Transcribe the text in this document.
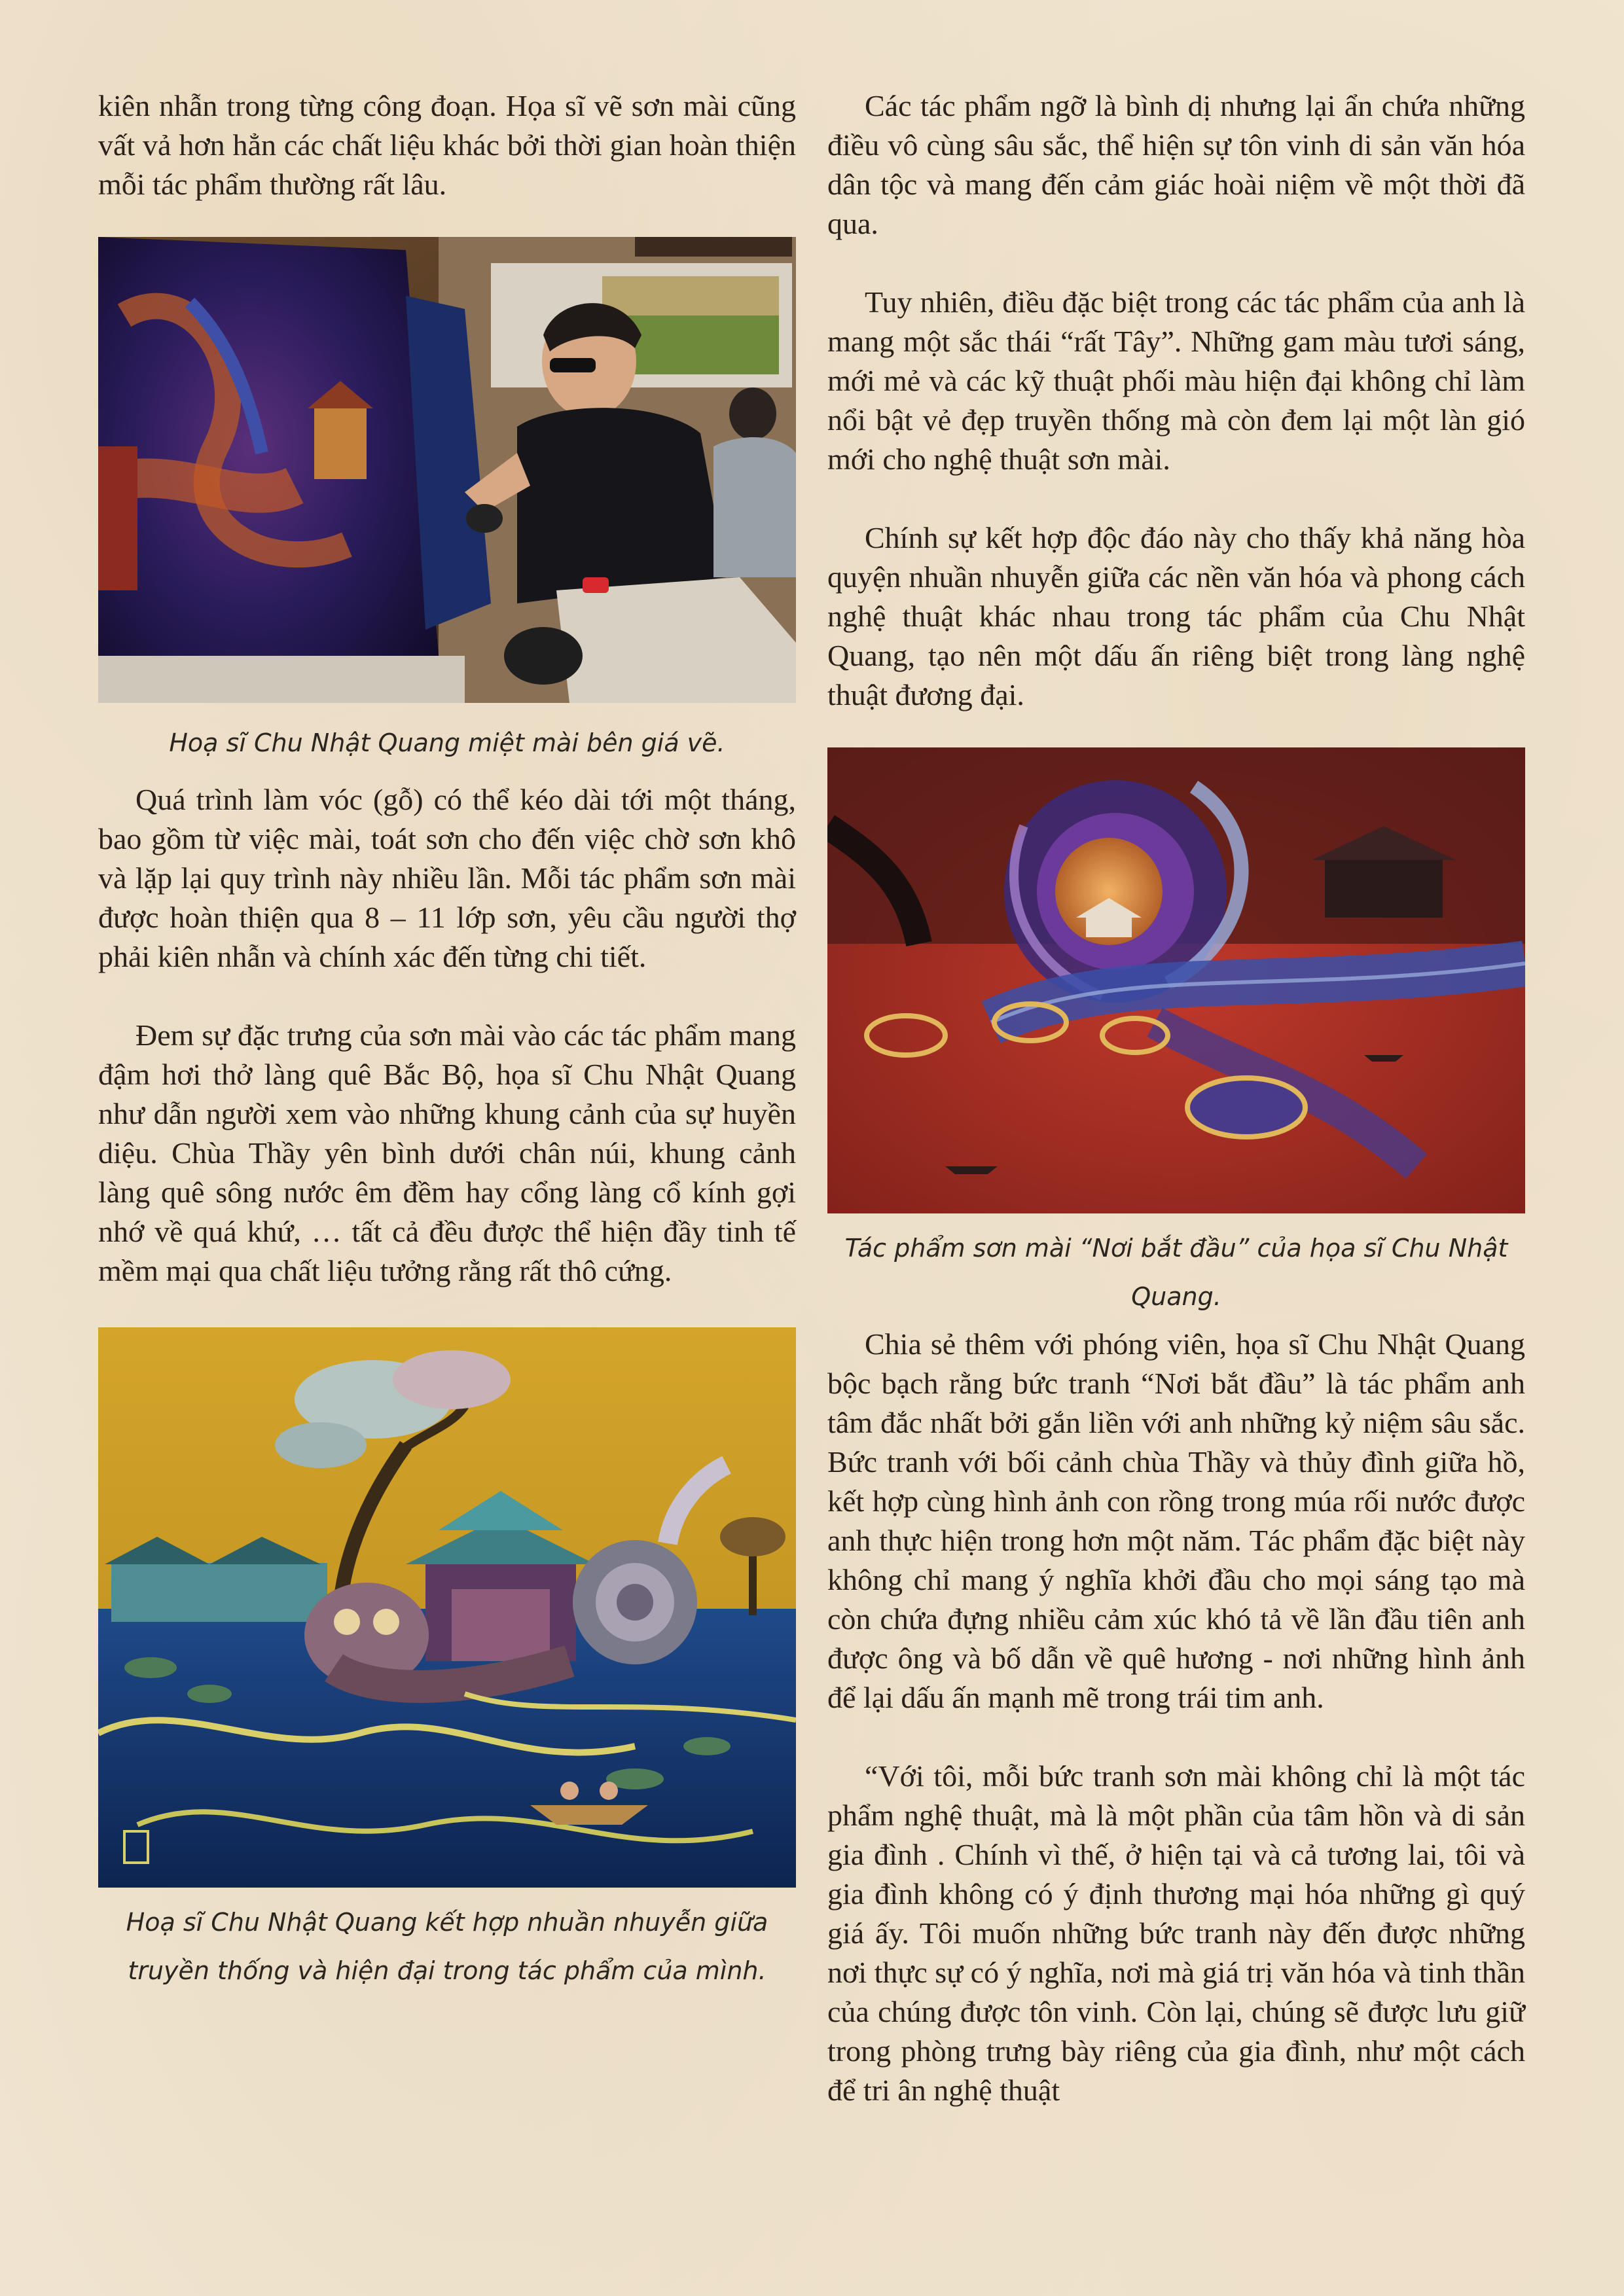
kiên nhẫn trong từng công đoạn. Họa sĩ vẽ sơn mài cũng vất vả hơn hẳn các chất liệu khác bởi thời gian hoàn thiện mỗi tác phẩm thường rất lâu.

Hoạ sĩ Chu Nhật Quang miệt mài bên giá vẽ.

Quá trình làm vóc (gỗ) có thể kéo dài tới một tháng, bao gồm từ việc mài, toát sơn cho đến việc chờ sơn khô và lặp lại quy trình này nhiều lần. Mỗi tác phẩm sơn mài được hoàn thiện qua 8 – 11 lớp sơn, yêu cầu người thợ phải kiên nhẫn và chính xác đến từng chi tiết.

Đem sự đặc trưng của sơn mài vào các tác phẩm mang đậm hơi thở làng quê Bắc Bộ, họa sĩ Chu Nhật Quang như dẫn người xem vào những khung cảnh của sự huyền diệu. Chùa Thầy yên bình dưới chân núi, khung cảnh làng quê sông nước êm đềm hay cổng làng cổ kính gợi nhớ về quá khứ, … tất cả đều được thể hiện đầy tinh tế mềm mại qua chất liệu tưởng rằng rất thô cứng.

Hoạ sĩ Chu Nhật Quang kết hợp nhuần nhuyễn giữa truyền thống và hiện đại trong tác phẩm của mình.

Các tác phẩm ngỡ là bình dị nhưng lại ẩn chứa những điều vô cùng sâu sắc, thể hiện sự tôn vinh di sản văn hóa dân tộc và mang đến cảm giác hoài niệm về một thời đã qua.

Tuy nhiên, điều đặc biệt trong các tác phẩm của anh là mang một sắc thái “rất Tây”. Những gam màu tươi sáng, mới mẻ và các kỹ thuật phối màu hiện đại không chỉ làm nổi bật vẻ đẹp truyền thống mà còn đem lại một làn gió mới cho nghệ thuật sơn mài.

Chính sự kết hợp độc đáo này cho thấy khả năng hòa quyện nhuần nhuyễn giữa các nền văn hóa và phong cách nghệ thuật khác nhau trong tác phẩm của Chu Nhật Quang, tạo nên một dấu ấn riêng biệt trong làng nghệ thuật đương đại.

Tác phẩm sơn mài “Nơi bắt đầu” của họa sĩ Chu Nhật Quang.

Chia sẻ thêm với phóng viên, họa sĩ Chu Nhật Quang bộc bạch rằng bức tranh “Nơi bắt đầu” là tác phẩm anh tâm đắc nhất bởi gắn liền với anh những kỷ niệm sâu sắc. Bức tranh với bối cảnh chùa Thầy và thủy đình giữa hồ, kết hợp cùng hình ảnh con rồng trong múa rối nước được anh thực hiện trong hơn một năm. Tác phẩm đặc biệt này không chỉ mang ý nghĩa khởi đầu cho mọi sáng tạo mà còn chứa đựng nhiều cảm xúc khó tả về lần đầu tiên anh được ông và bố dẫn về quê hương - nơi những hình ảnh để lại dấu ấn mạnh mẽ trong trái tim anh.

“Với tôi, mỗi bức tranh sơn mài không chỉ là một tác phẩm nghệ thuật, mà là một phần của tâm hồn và di sản gia đình . Chính vì thế, ở hiện tại và cả tương lai, tôi và gia đình không có ý định thương mại hóa những gì quý giá ấy. Tôi muốn những bức tranh này đến được những nơi thực sự có ý nghĩa, nơi mà giá trị văn hóa và tinh thần của chúng được tôn vinh. Còn lại, chúng sẽ được lưu giữ trong phòng trưng bày riêng của gia đình, như một cách để tri ân nghệ thuật
